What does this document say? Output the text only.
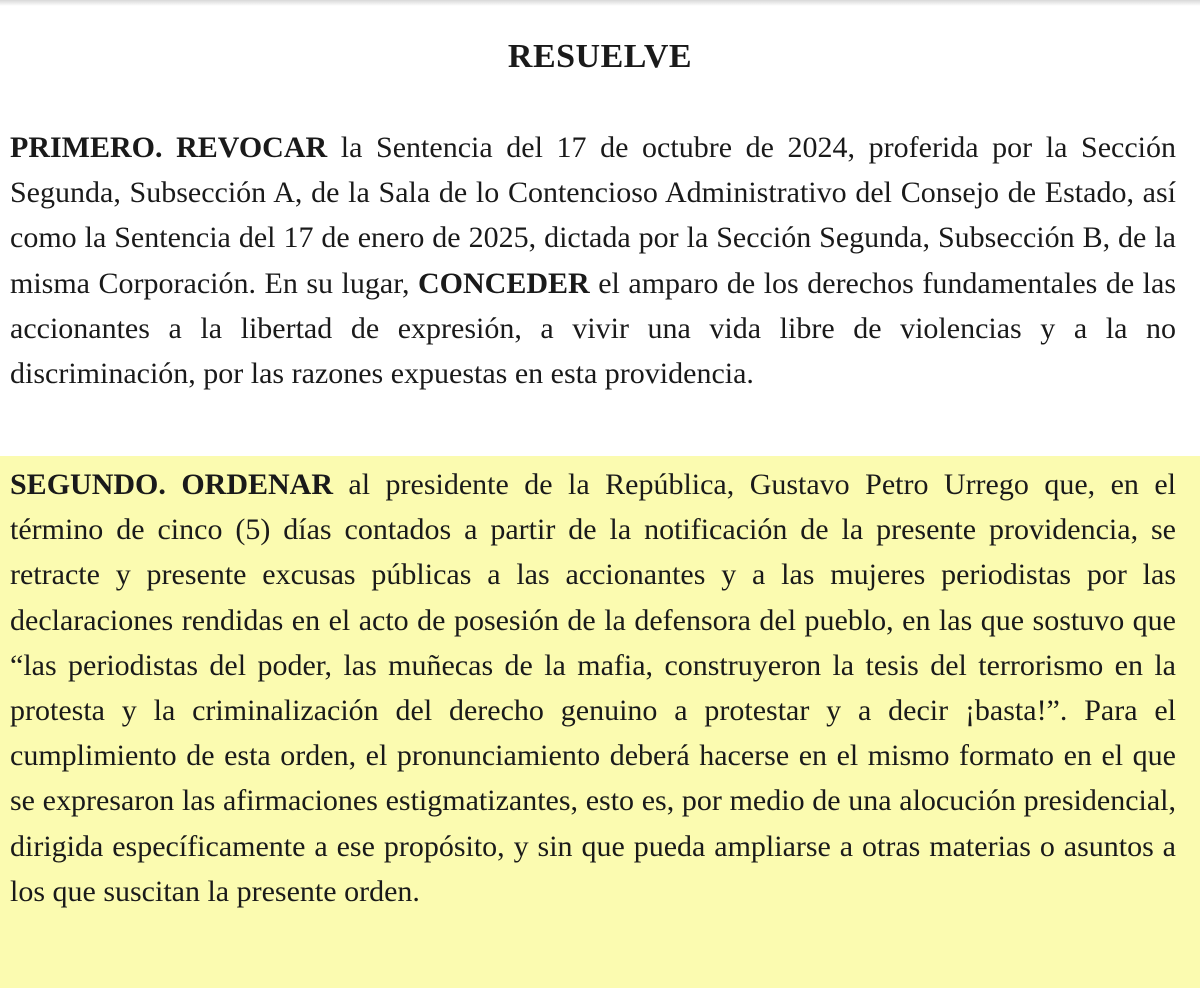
RESUELVE

PRIMERO. REVOCAR la Sentencia del 17 de octubre de 2024, proferida por la Sección Segunda, Subsección A, de la Sala de lo Contencioso Administrativo del Consejo de Estado, así como la Sentencia del 17 de enero de 2025, dictada por la Sección Segunda, Subsección B, de la misma Corporación. En su lugar, CONCEDER el amparo de los derechos fundamentales de las accionantes a la libertad de expresión, a vivir una vida libre de violencias y a la no discriminación, por las razones expuestas en esta providencia.

SEGUNDO. ORDENAR al presidente de la República, Gustavo Petro Urrego que, en el término de cinco (5) días contados a partir de la notificación de la presente providencia, se retracte y presente excusas públicas a las accionantes y a las mujeres periodistas por las declaraciones rendidas en el acto de posesión de la defensora del pueblo, en las que sostuvo que “las periodistas del poder, las muñecas de la mafia, construyeron la tesis del terrorismo en la protesta y la criminalización del derecho genuino a protestar y a decir ¡basta!”. Para el cumplimiento de esta orden, el pronunciamiento deberá hacerse en el mismo formato en el que se expresaron las afirmaciones estigmatizantes, esto es, por medio de una alocución presidencial, dirigida específicamente a ese propósito, y sin que pueda ampliarse a otras materias o asuntos a los que suscitan la presente orden.
